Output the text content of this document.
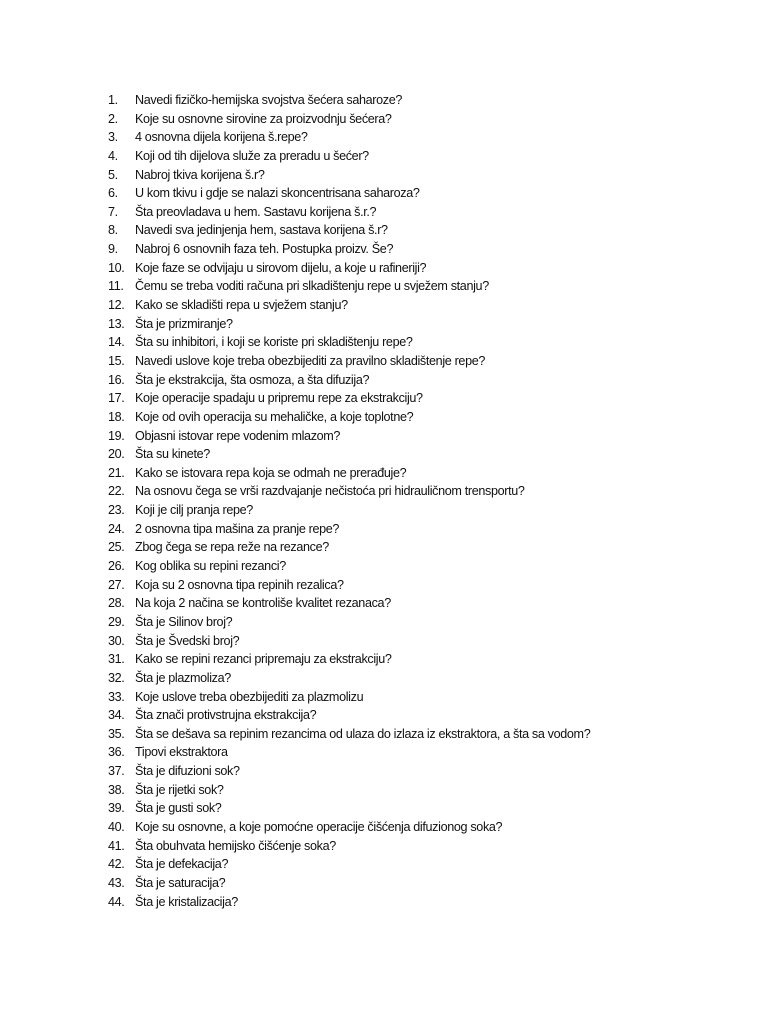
1. Navedi fizičko-hemijska svojstva šećera saharoze?
2. Koje su osnovne sirovine za proizvodnju šećera?
3. 4 osnovna dijela korijena š.repe?
4. Koji od tih dijelova služe za preradu u šećer?
5. Nabroj tkiva korijena š.r?
6. U kom tkivu i gdje se nalazi skoncentrisana saharoza?
7. Šta preovladava u hem. Sastavu korijena š.r.?
8. Navedi sva jedinjenja hem, sastava korijena š.r?
9. Nabroj 6 osnovnih faza teh. Postupka proizv. Še?
10. Koje faze se odvijaju u sirovom dijelu, a koje u rafineriji?
11. Čemu se treba voditi računa pri slkadištenju repe u svježem stanju?
12. Kako se skladišti repa u svježem stanju?
13. Šta je prizmiranje?
14. Šta su inhibitori, i koji se koriste pri skladištenju repe?
15. Navedi uslove koje treba obezbijediti za pravilno skladištenje repe?
16. Šta je ekstrakcija, šta osmoza, a šta difuzija?
17. Koje operacije spadaju u pripremu repe za ekstrakciju?
18. Koje od ovih operacija su mehaličke, a koje toplotne?
19. Objasni istovar repe vodenim mlazom?
20. Šta su kinete?
21. Kako se istovara repa koja se odmah ne prerađuje?
22. Na osnovu čega se vrši razdvajanje nečistoća pri hidrauličnom trensportu?
23. Koji je cilj pranja repe?
24. 2 osnovna tipa mašina za pranje repe?
25. Zbog čega se repa reže na rezance?
26. Kog oblika su repini rezanci?
27. Koja su 2 osnovna tipa repinih rezalica?
28. Na koja 2 načina se kontroliše kvalitet rezanaca?
29. Šta je Silinov broj?
30. Šta je Švedski broj?
31. Kako se repini rezanci pripremaju za ekstrakciju?
32. Šta je plazmoliza?
33. Koje uslove treba obezbijediti za plazmolizu
34. Šta znači protivstrujna ekstrakcija?
35. Šta se dešava sa repinim rezancima od ulaza do izlaza iz ekstraktora, a šta sa vodom?
36. Tipovi ekstraktora
37. Šta je difuzioni sok?
38. Šta je rijetki sok?
39. Šta je gusti sok?
40. Koje su osnovne, a koje pomoćne operacije čišćenja difuzionog soka?
41. Šta obuhvata hemijsko čišćenje soka?
42. Šta je defekacija?
43. Šta je saturacija?
44. Šta je kristalizacija?
